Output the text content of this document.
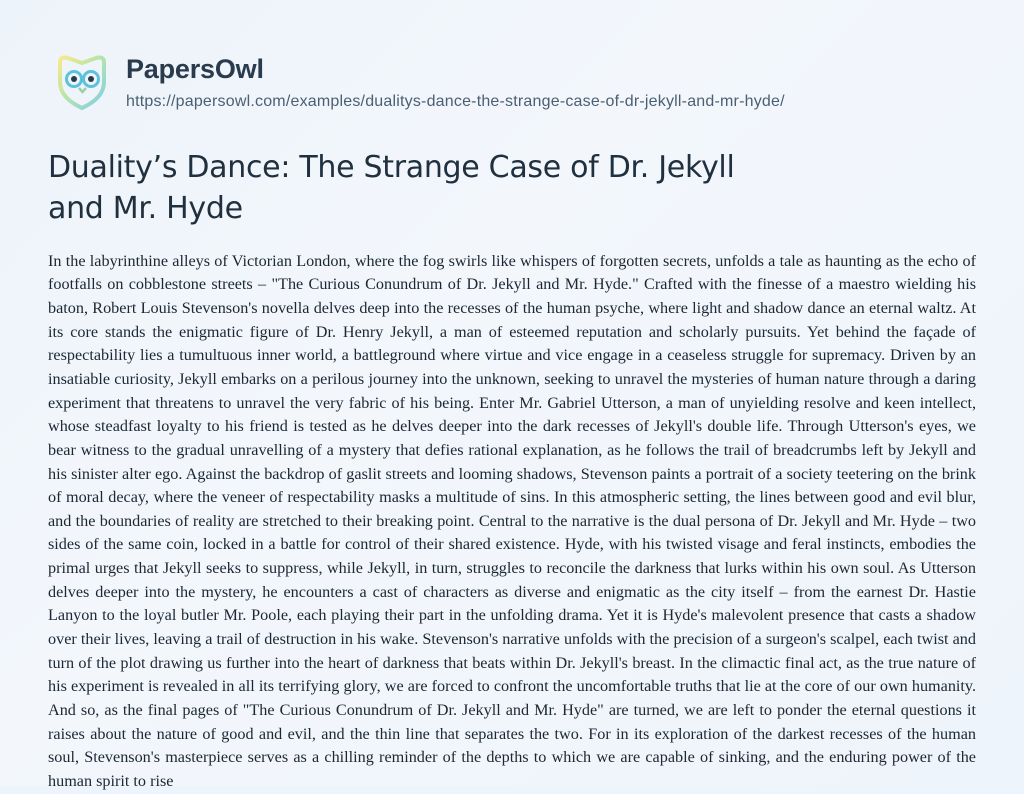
PapersOwl
https://papersowl.com/examples/dualitys-dance-the-strange-case-of-dr-jekyll-and-mr-hyde/
Duality’s Dance: The Strange Case of Dr. Jekyll and Mr. Hyde

In the labyrinthine alleys of Victorian London, where the fog swirls like whispers of forgotten secrets, unfolds a tale as haunting as the echo of footfalls on cobblestone streets – "The Curious Conundrum of Dr. Jekyll and Mr. Hyde." Crafted with the finesse of a maestro wielding his baton, Robert Louis Stevenson's novella delves deep into the recesses of the human psyche, where light and shadow dance an eternal waltz. At its core stands the enigmatic figure of Dr. Henry Jekyll, a man of esteemed reputation and scholarly pursuits. Yet behind the façade of respectability lies a tumultuous inner world, a battleground where virtue and vice engage in a ceaseless struggle for supremacy. Driven by an insatiable curiosity, Jekyll embarks on a perilous journey into the unknown, seeking to unravel the mysteries of human nature through a daring experiment that threatens to unravel the very fabric of his being. Enter Mr. Gabriel Utterson, a man of unyielding resolve and keen intellect, whose steadfast loyalty to his friend is tested as he delves deeper into the dark recesses of Jekyll's double life. Through Utterson's eyes, we bear witness to the gradual unravelling of a mystery that defies rational explanation, as he follows the trail of breadcrumbs left by Jekyll and his sinister alter ego. Against the backdrop of gaslit streets and looming shadows, Stevenson paints a portrait of a society teetering on the brink of moral decay, where the veneer of respectability masks a multitude of sins. In this atmospheric setting, the lines between good and evil blur, and the boundaries of reality are stretched to their breaking point. Central to the narrative is the dual persona of Dr. Jekyll and Mr. Hyde – two sides of the same coin, locked in a battle for control of their shared existence. Hyde, with his twisted visage and feral instincts, embodies the primal urges that Jekyll seeks to suppress, while Jekyll, in turn, struggles to reconcile the darkness that lurks within his own soul. As Utterson delves deeper into the mystery, he encounters a cast of characters as diverse and enigmatic as the city itself – from the earnest Dr. Hastie Lanyon to the loyal butler Mr. Poole, each playing their part in the unfolding drama. Yet it is Hyde's malevolent presence that casts a shadow over their lives, leaving a trail of destruction in his wake. Stevenson's narrative unfolds with the precision of a surgeon's scalpel, each twist and turn of the plot drawing us further into the heart of darkness that beats within Dr. Jekyll's breast. In the climactic final act, as the true nature of his experiment is revealed in all its terrifying glory, we are forced to confront the uncomfortable truths that lie at the core of our own humanity. And so, as the final pages of "The Curious Conundrum of Dr. Jekyll and Mr. Hyde" are turned, we are left to ponder the eternal questions it raises about the nature of good and evil, and the thin line that separates the two. For in its exploration of the darkest recesses of the human soul, Stevenson's masterpiece serves as a chilling reminder of the depths to which we are capable of sinking, and the enduring power of the human spirit to rise
